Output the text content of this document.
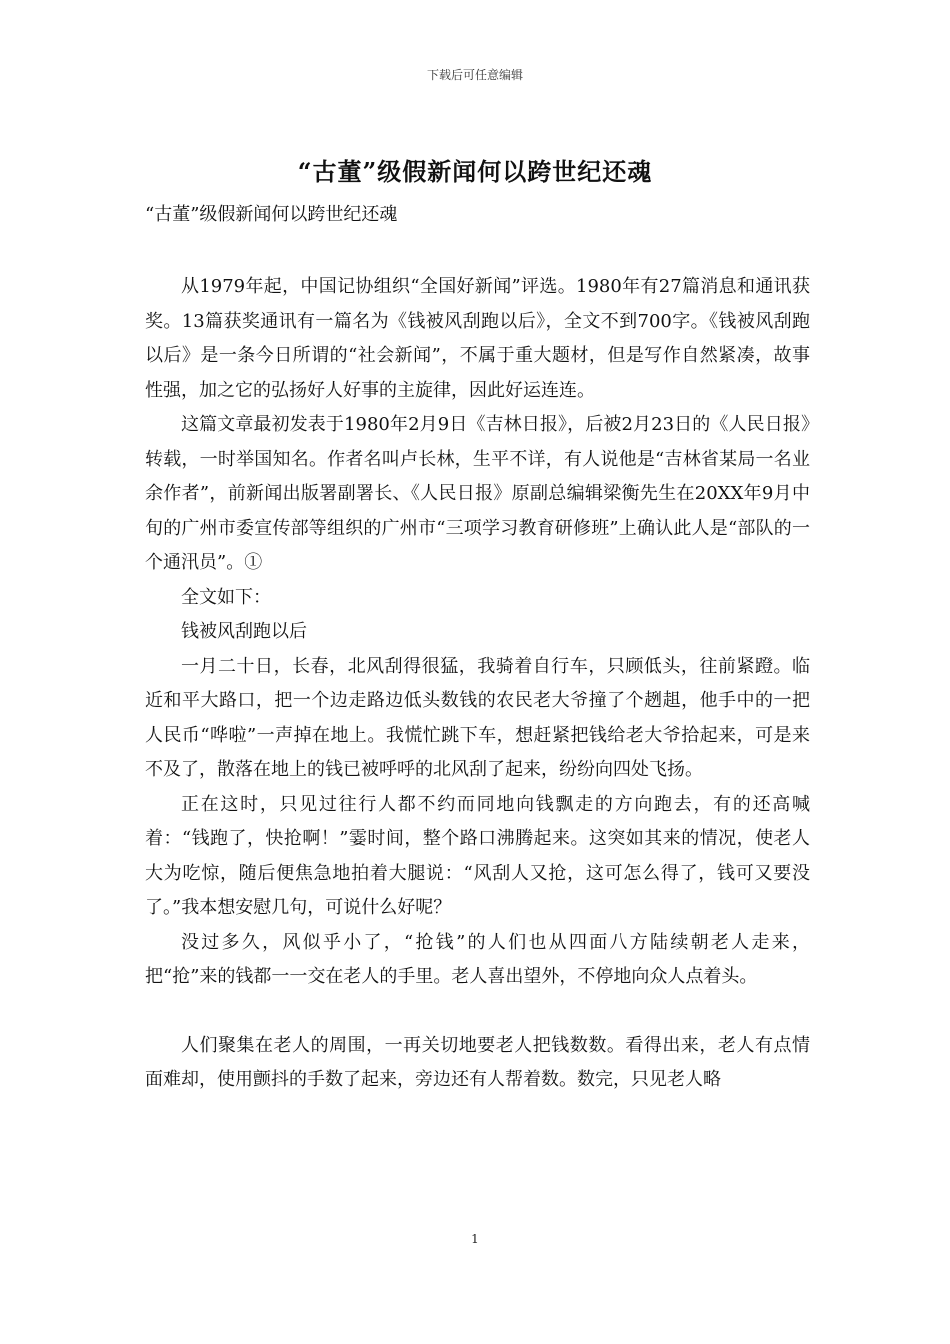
下载后可任意编辑
“古董”级假新闻何以跨世纪还魂
“古董”级假新闻何以跨世纪还魂

从1979年起，中国记协组织“全国好新闻”评选。1980年有27篇消息和通讯获奖。13篇获奖通讯有一篇名为《钱被风刮跑以后》，全文不到700字。《钱被风刮跑以后》是一条今日所谓的“社会新闻”，不属于重大题材，但是写作自然紧凑，故事性强，加之它的弘扬好人好事的主旋律，因此好运连连。

这篇文章最初发表于1980年2月9日《吉林日报》，后被2月23日的《人民日报》转载，一时举国知名。作者名叫卢长林，生平不详，有人说他是“吉林省某局一名业余作者”，前新闻出版署副署长、《人民日报》原副总编辑梁衡先生在20XX年9月中旬的广州市委宣传部等组织的广州市“三项学习教育研修班”上确认此人是“部队的一个通汛员”。①

全文如下：

钱被风刮跑以后

一月二十日，长春，北风刮得很猛，我骑着自行车，只顾低头，往前紧蹬。临近和平大路口，把一个边走路边低头数钱的农民老大爷撞了个趔趄，他手中的一把人民币“哗啦”一声掉在地上。我慌忙跳下车，想赶紧把钱给老大爷拾起来，可是来不及了，散落在地上的钱已被呼呼的北风刮了起来，纷纷向四处飞扬。

正在这时，只见过往行人都不约而同地向钱飘走的方向跑去，有的还高喊着：“钱跑了，快抢啊！”霎时间，整个路口沸腾起来。这突如其来的情况，使老人大为吃惊，随后便焦急地拍着大腿说：“风刮人又抢，这可怎么得了，钱可又要没了。”我本想安慰几句，可说什么好呢？

没过多久，风似乎小了，“抢钱”的人们也从四面八方陆续朝老人走来，把“抢”来的钱都一一交在老人的手里。老人喜出望外，不停地向众人点着头。

人们聚集在老人的周围，一再关切地要老人把钱数数。看得出来，老人有点情面难却，使用颤抖的手数了起来，旁边还有人帮着数。数完，只见老人略

1
